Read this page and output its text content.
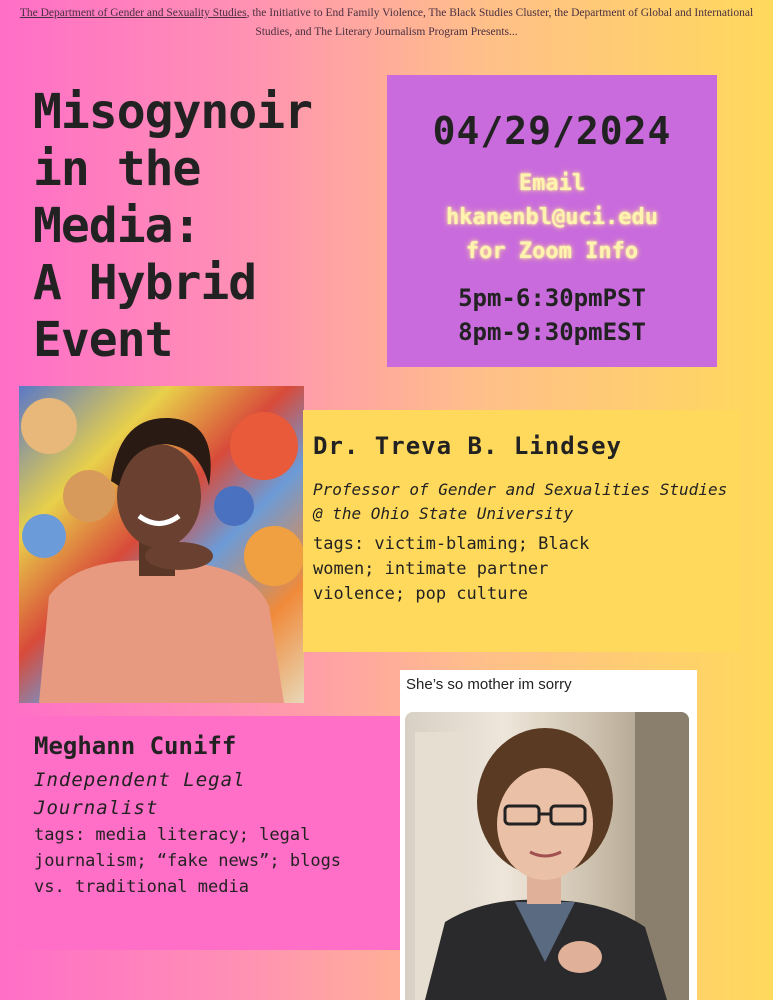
The Department of Gender and Sexuality Studies, the Initiative to End Family Violence, The Black Studies Cluster, the Department of Global and International Studies, and The Literary Journalism Program Presents...
Misogynoir
in the
Media:
A Hybrid
Event
04/29/2024
Email
hkanenbl@uci.edu
for Zoom Info
5pm-6:30pmPST
8pm-9:30pmEST
Dr. Treva B. Lindsey
Professor of Gender and Sexualities Studies @ the Ohio State University
tags: victim-blaming; Black women; intimate partner violence; pop culture
Meghann Cuniff
Independent Legal Journalist
tags: media literacy; legal journalism; “fake news”; blogs vs. traditional media
She’s so mother im sorry
